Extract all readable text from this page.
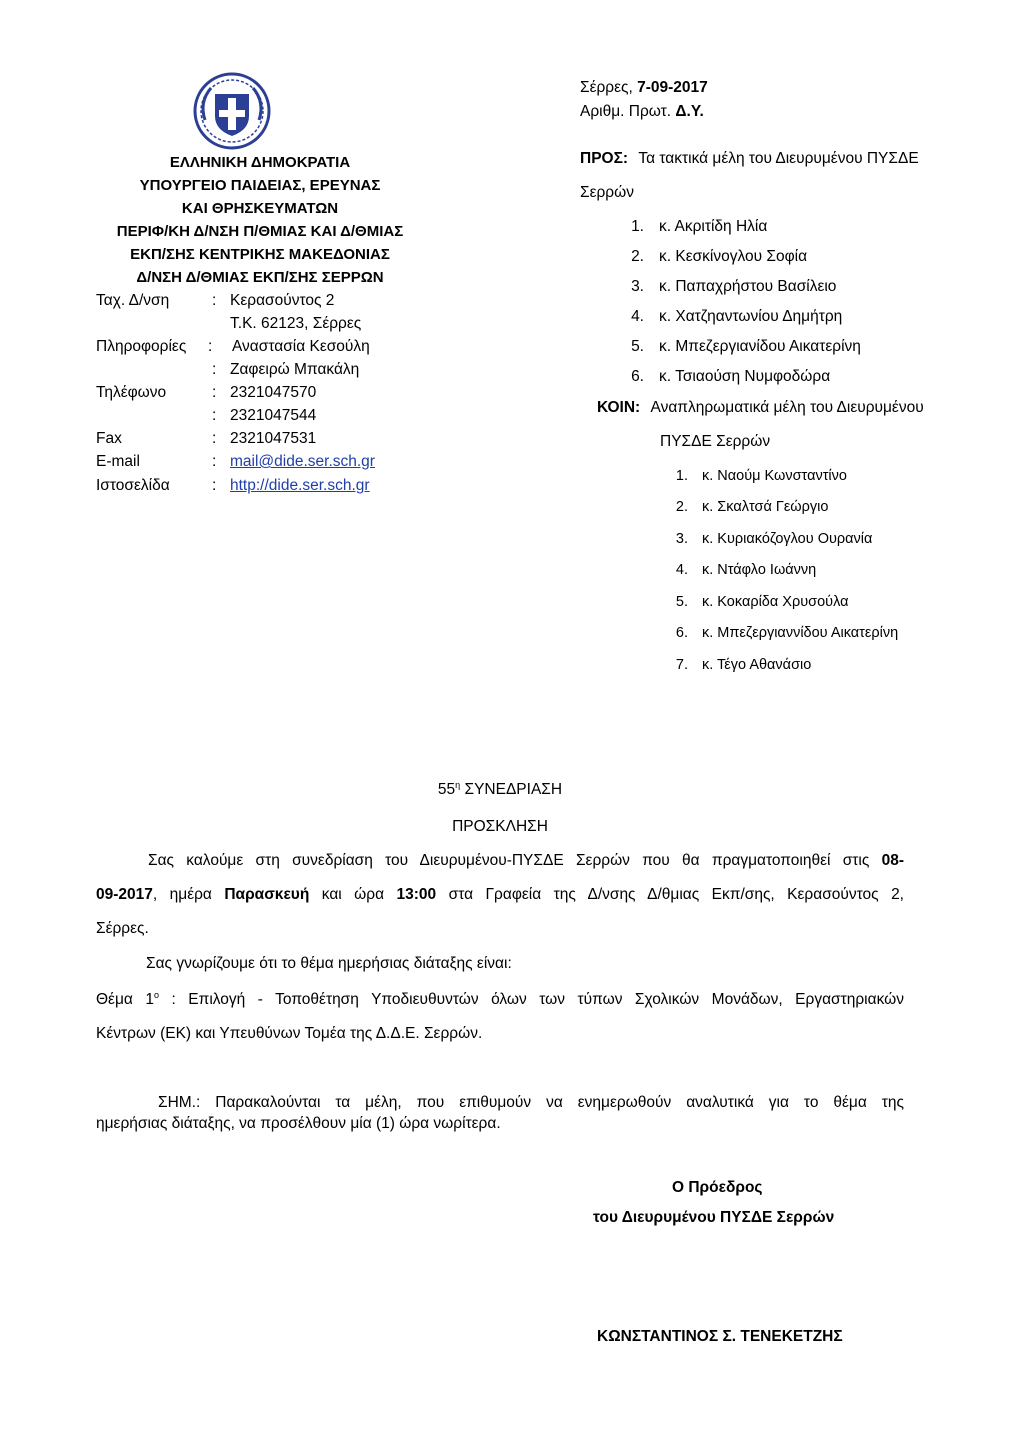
ΕΛΛΗΝΙΚΗ ΔΗΜΟΚΡΑΤΙΑ
ΥΠΟΥΡΓΕΙΟ ΠΑΙΔΕΙΑΣ, ΕΡΕΥΝΑΣ
ΚΑΙ ΘΡΗΣΚΕΥΜΑΤΩΝ
ΠΕΡΙΦ/ΚΗ Δ/ΝΣΗ Π/ΘΜΙΑΣ ΚΑΙ Δ/ΘΜΙΑΣ
ΕΚΠ/ΣΗΣ ΚΕΝΤΡΙΚΗΣ ΜΑΚΕΔΟΝΙΑΣ
Δ/ΝΣΗ Δ/ΘΜΙΑΣ ΕΚΠ/ΣΗΣ ΣΕΡΡΩΝ
Ταχ. Δ/νση	: Κερασούντος 2
Τ.Κ. 62123, Σέρρες
Πληροφορίες	: Αναστασία Κεσούλη
: Ζαφειρώ Μπακάλη
Τηλέφωνο	: 2321047570
: 2321047544
Fax	: 2321047531
E-mail	: mail@dide.ser.sch.gr
Ιστοσελίδα	: http://dide.ser.sch.gr
Σέρρες, 7-09-2017
Αριθμ. Πρωτ. Δ.Υ.
ΠΡΟΣ: Τα τακτικά μέλη του Διευρυμένου ΠΥΣΔΕ
Σερρών
1. κ. Ακριτίδη Ηλία
2. κ. Κεσκίνογλου Σοφία
3. κ. Παπαχρήστου Βασίλειο
4. κ. Χατζηαντωνίου Δημήτρη
5. κ. Μπεζεργιανίδου Αικατερίνη
6. κ. Τσιαούση Νυμφοδώρα
ΚΟΙΝ: Αναπληρωματικά μέλη του Διευρυμένου
ΠΥΣΔΕ Σερρών
1. κ. Ναούμ Κωνσταντίνο
2. κ. Σκαλτσά Γεώργιο
3. κ. Κυριακόζογλου Ουρανία
4. κ. Ντάφλο Ιωάννη
5. κ. Κοκαρίδα Χρυσούλα
6. κ. Μπεζεργιαννίδου Αικατερίνη
7. κ. Τέγο Αθανάσιο
$55^\eta$ ΣΥΝΕΔΡΙΑΣΗ
ΠΡΟΣΚΛΗΣΗ
Σας καλούμε στη συνεδρίαση του Διευρυμένου-ΠΥΣΔΕ Σερρών που θα πραγματοποιηθεί στις 08-
09-2017, ημέρα Παρασκευή και ώρα 13:00 στα Γραφεία της Δ/νσης Δ/θμιας Εκπ/σης, Κερασούντος 2,
Σέρρες.
Σας γνωρίζουμε ότι το θέμα ημερήσιας διάταξης είναι:
Θέμα $1^o$ : Επιλογή - Τοποθέτηση Υποδιευθυντών όλων των τύπων Σχολικών Μονάδων, Εργαστηριακών
Κέντρων (ΕΚ) και Υπευθύνων Τομέα της Δ.Δ.Ε. Σερρών.
ΣΗΜ.: Παρακαλούνται τα μέλη, που επιθυμούν να ενημερωθούν αναλυτικά για το θέμα της
ημερήσιας διάταξης, να προσέλθουν μία (1) ώρα νωρίτερα.
Ο Πρόεδρος
του Διευρυμένου ΠΥΣΔΕ Σερρών
ΚΩΝΣΤΑΝΤΙΝΟΣ Σ. ΤΕΝΕΚΕΤΖΗΣ
